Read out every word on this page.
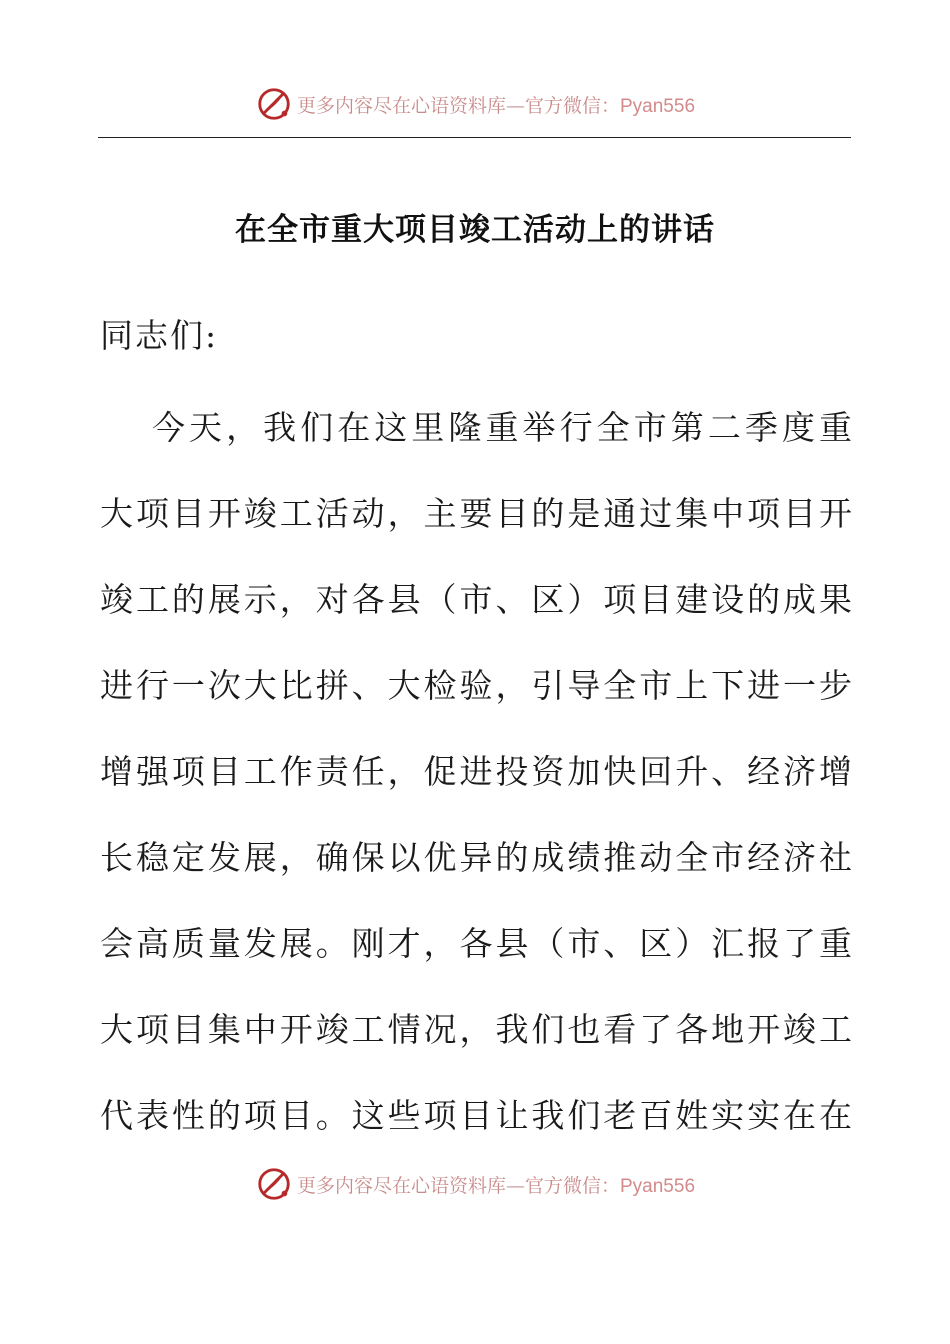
更多内容尽在心语资料库—官方微信：Pyan556
在全市重大项目竣工活动上的讲话
同志们:
今天，我们在这里隆重举行全市第二季度重
大项目开竣工活动，主要目的是通过集中项目开
竣工的展示，对各县（市、区）项目建设的成果
进行一次大比拼、大检验，引导全市上下进一步
增强项目工作责任，促进投资加快回升、经济增
长稳定发展，确保以优异的成绩推动全市经济社
会高质量发展。刚才，各县（市、区）汇报了重
大项目集中开竣工情况，我们也看了各地开竣工
代表性的项目。这些项目让我们老百姓实实在在
更多内容尽在心语资料库—官方微信：Pyan556
